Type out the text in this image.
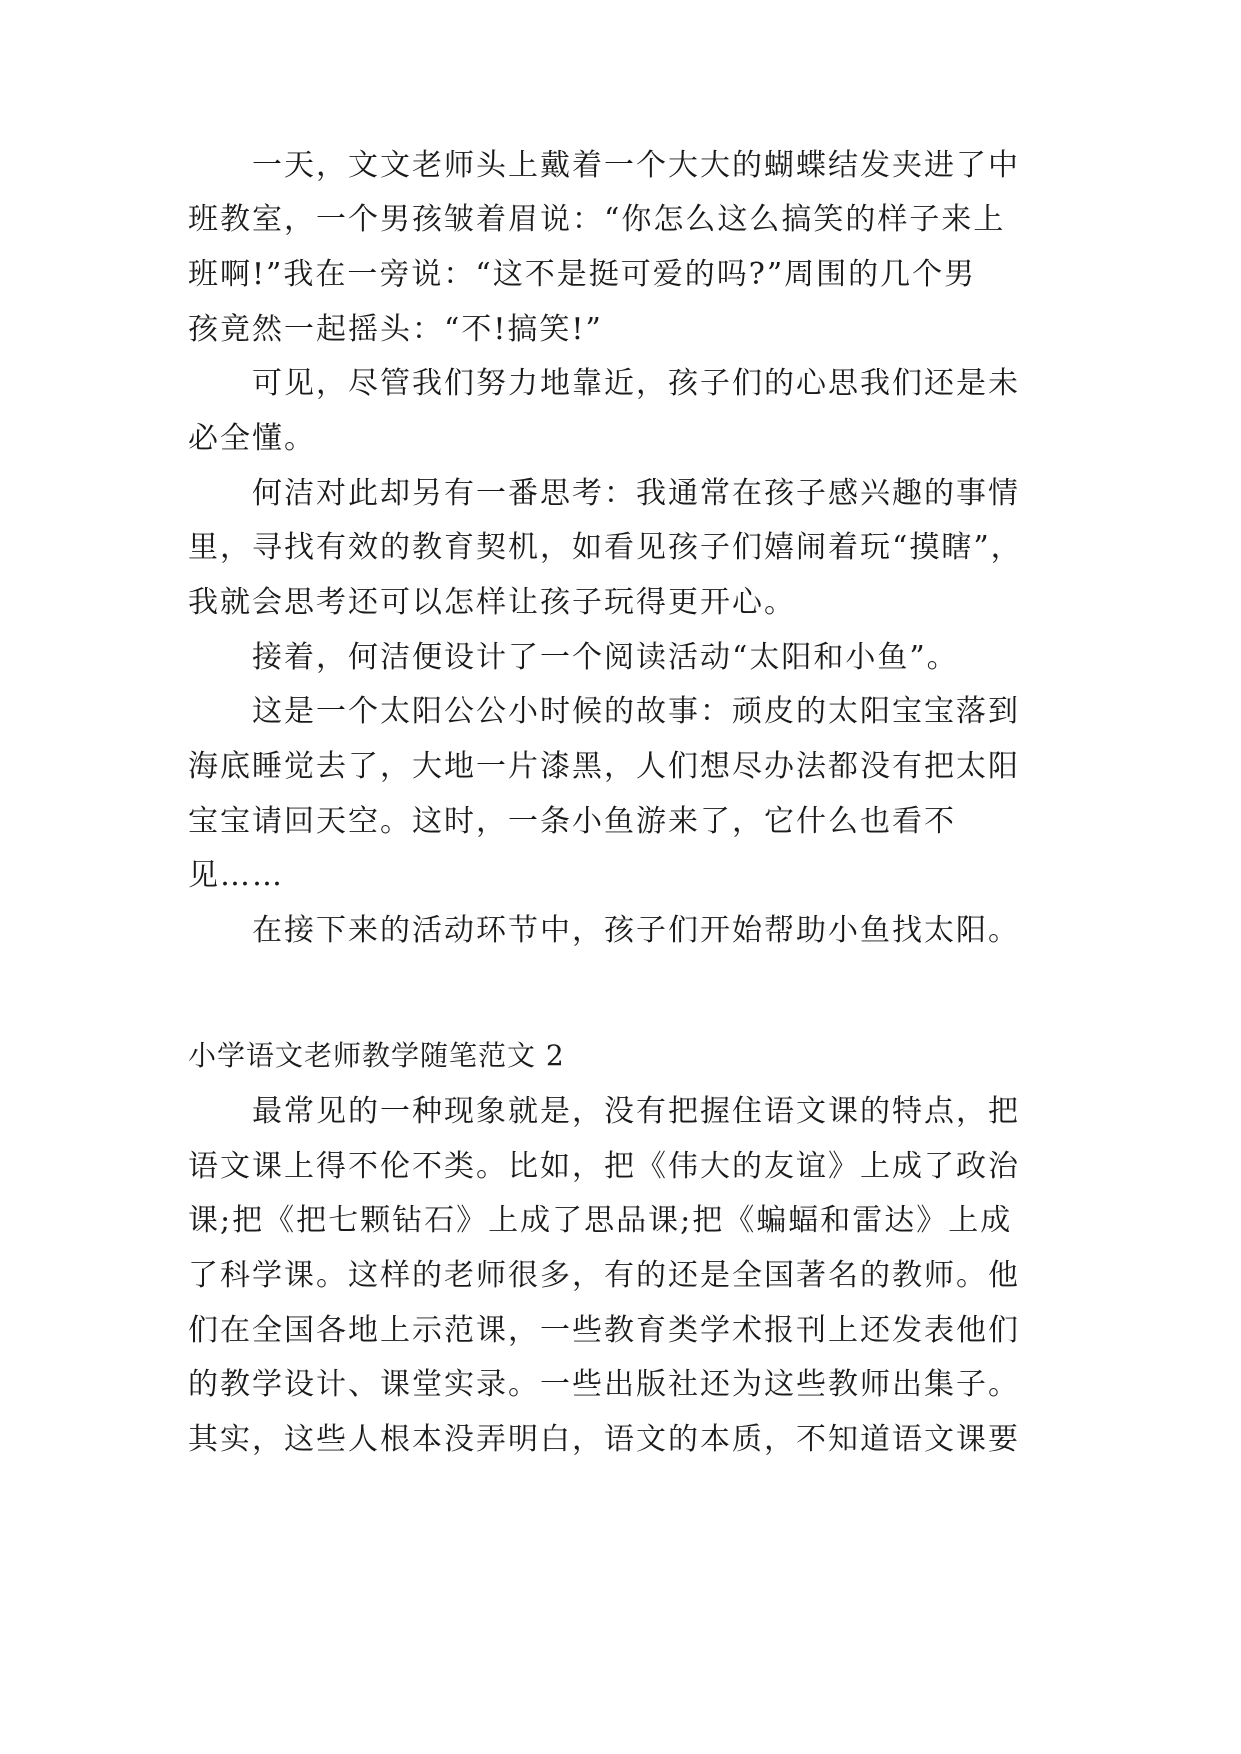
一天，文文老师头上戴着一个大大的蝴蝶结发夹进了中
班教室，一个男孩皱着眉说：“你怎么这么搞笑的样子来上
班啊!”我在一旁说：“这不是挺可爱的吗?”周围的几个男
孩竟然一起摇头：“不!搞笑!”
可见，尽管我们努力地靠近，孩子们的心思我们还是未
必全懂。
何洁对此却另有一番思考：我通常在孩子感兴趣的事情
里，寻找有效的教育契机，如看见孩子们嬉闹着玩“摸瞎”，
我就会思考还可以怎样让孩子玩得更开心。
接着，何洁便设计了一个阅读活动“太阳和小鱼”。
这是一个太阳公公小时候的故事：顽皮的太阳宝宝落到
海底睡觉去了，大地一片漆黑，人们想尽办法都没有把太阳
宝宝请回天空。这时，一条小鱼游来了，它什么也看不
见……
在接下来的活动环节中，孩子们开始帮助小鱼找太阳。
小学语文老师教学随笔范文 2
最常见的一种现象就是，没有把握住语文课的特点，把
语文课上得不伦不类。比如，把《伟大的友谊》上成了政治
课;把《把七颗钻石》上成了思品课;把《蝙蝠和雷达》上成
了科学课。这样的老师很多，有的还是全国著名的教师。他
们在全国各地上示范课，一些教育类学术报刊上还发表他们
的教学设计、课堂实录。一些出版社还为这些教师出集子。
其实，这些人根本没弄明白，语文的本质，不知道语文课要
